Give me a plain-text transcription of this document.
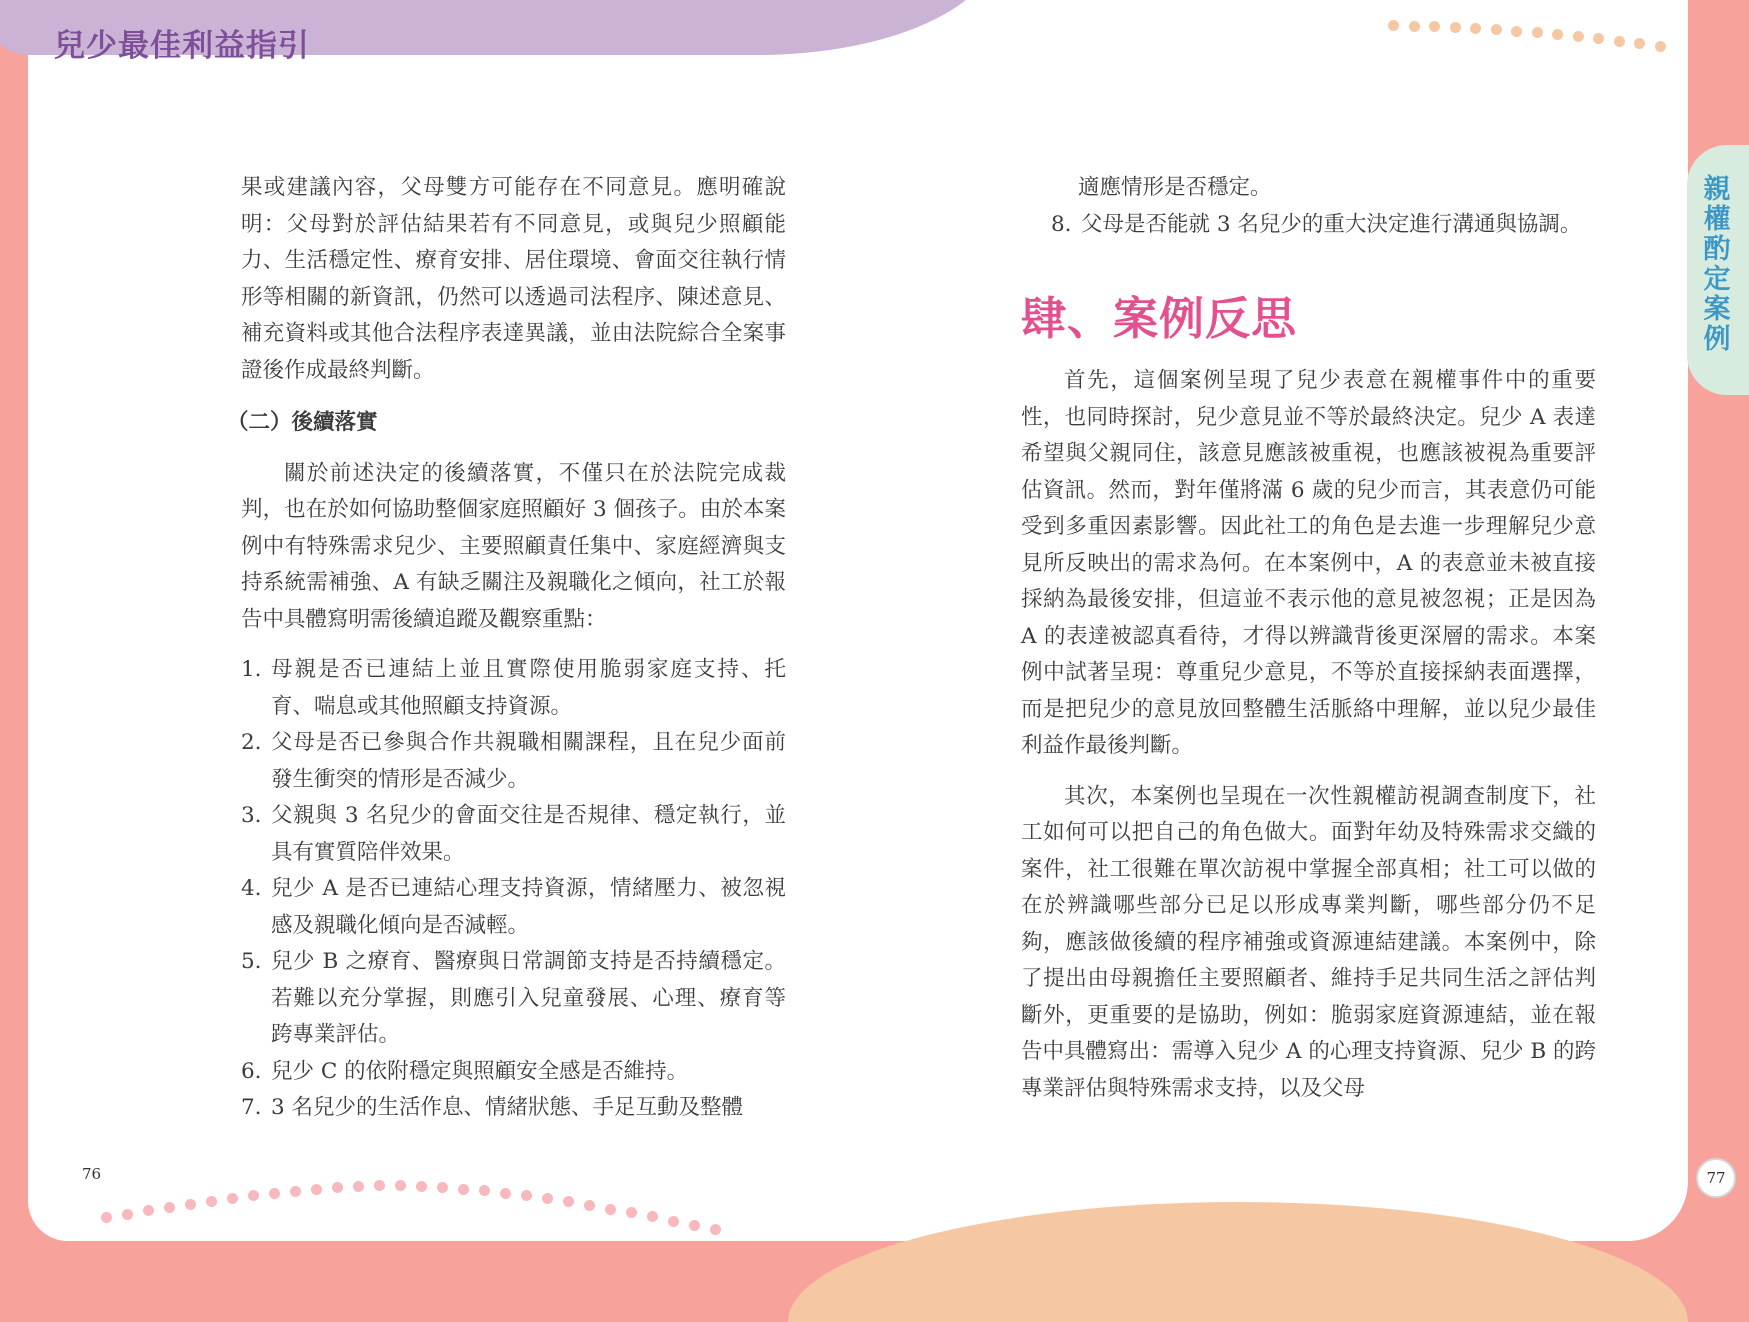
兒少最佳利益指引

果或建議內容，父母雙方可能存在不同意見。應明確說明：父母對於評估結果若有不同意見，或與兒少照顧能力、生活穩定性、療育安排、居住環境、會面交往執行情形等相關的新資訊，仍然可以透過司法程序、陳述意見、補充資料或其他合法程序表達異議，並由法院綜合全案事證後作成最終判斷。

（二）後續落實

關於前述決定的後續落實，不僅只在於法院完成裁判，也在於如何協助整個家庭照顧好 3 個孩子。由於本案例中有特殊需求兒少、主要照顧責任集中、家庭經濟與支持系統需補強、A 有缺乏關注及親職化之傾向，社工於報告中具體寫明需後續追蹤及觀察重點：

1. 母親是否已連結上並且實際使用脆弱家庭支持、托育、喘息或其他照顧支持資源。
2. 父母是否已參與合作共親職相關課程，且在兒少面前發生衝突的情形是否減少。
3. 父親與 3 名兒少的會面交往是否規律、穩定執行，並具有實質陪伴效果。
4. 兒少 A 是否已連結心理支持資源，情緒壓力、被忽視感及親職化傾向是否減輕。
5. 兒少 B 之療育、醫療與日常調節支持是否持續穩定。若難以充分掌握，則應引入兒童發展、心理、療育等跨專業評估。
6. 兒少 C 的依附穩定與照顧安全感是否維持。
7. 3 名兒少的生活作息、情緒狀態、手足互動及整體

適應情形是否穩定。

8. 父母是否能就 3 名兒少的重大決定進行溝通與協調。
肆、案例反思

首先，這個案例呈現了兒少表意在親權事件中的重要性，也同時探討，兒少意見並不等於最終決定。兒少 A 表達希望與父親同住，該意見應該被重視，也應該被視為重要評估資訊。然而，對年僅將滿 6 歲的兒少而言，其表意仍可能受到多重因素影響。因此社工的角色是去進一步理解兒少意見所反映出的需求為何。在本案例中，A 的表意並未被直接採納為最後安排，但這並不表示他的意見被忽視；正是因為 A 的表達被認真看待，才得以辨識背後更深層的需求。本案例中試著呈現：尊重兒少意見，不等於直接採納表面選擇，而是把兒少的意見放回整體生活脈絡中理解，並以兒少最佳利益作最後判斷。

其次，本案例也呈現在一次性親權訪視調查制度下，社工如何可以把自己的角色做大。面對年幼及特殊需求交織的案件，社工很難在單次訪視中掌握全部真相；社工可以做的在於辨識哪些部分已足以形成專業判斷，哪些部分仍不足夠，應該做後續的程序補強或資源連結建議。本案例中，除了提出由母親擔任主要照顧者、維持手足共同生活之評估判斷外，更重要的是協助，例如：脆弱家庭資源連結，並在報告中具體寫出：需導入兒少 A 的心理支持資源、兒少 B 的跨專業評估與特殊需求支持，以及父母

76	77
親權酌定案例
